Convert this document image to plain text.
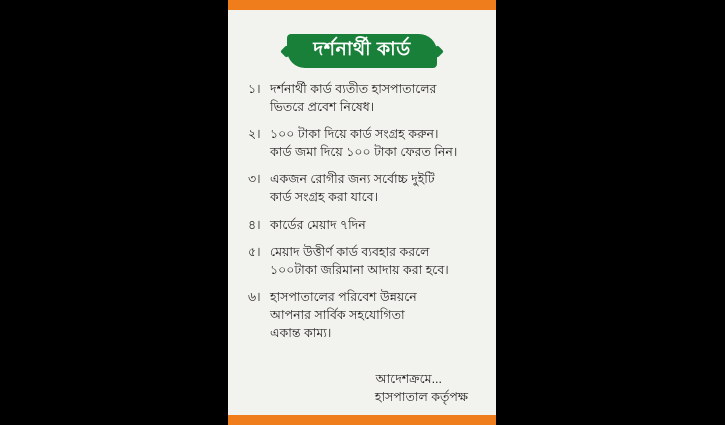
দর্শনার্থী কার্ড
১। দর্শনার্থী কার্ড ব্যতীত হাসপাতালের
ভিতরে প্রবেশ নিষেধ।
২। ১০০ টাকা দিয়ে কার্ড সংগ্রহ করুন।
কার্ড জমা দিয়ে ১০০ টাকা ফেরত নিন।
৩। একজন রোগীর জন্য সর্বোচ্চ দুইটি
কার্ড সংগ্রহ করা যাবে।
৪। কার্ডের মেয়াদ ৭দিন
৫। মেয়াদ উত্তীর্ণ কার্ড ব্যবহার করলে
১০০টাকা জরিমানা আদায় করা হবে।
৬। হাসপাতালের পরিবেশ উন্নয়নে
আপনার সার্বিক সহযোগিতা
একান্ত কাম্য।
আদেশক্রমে...
হাসপাতাল কর্তৃপক্ষ
